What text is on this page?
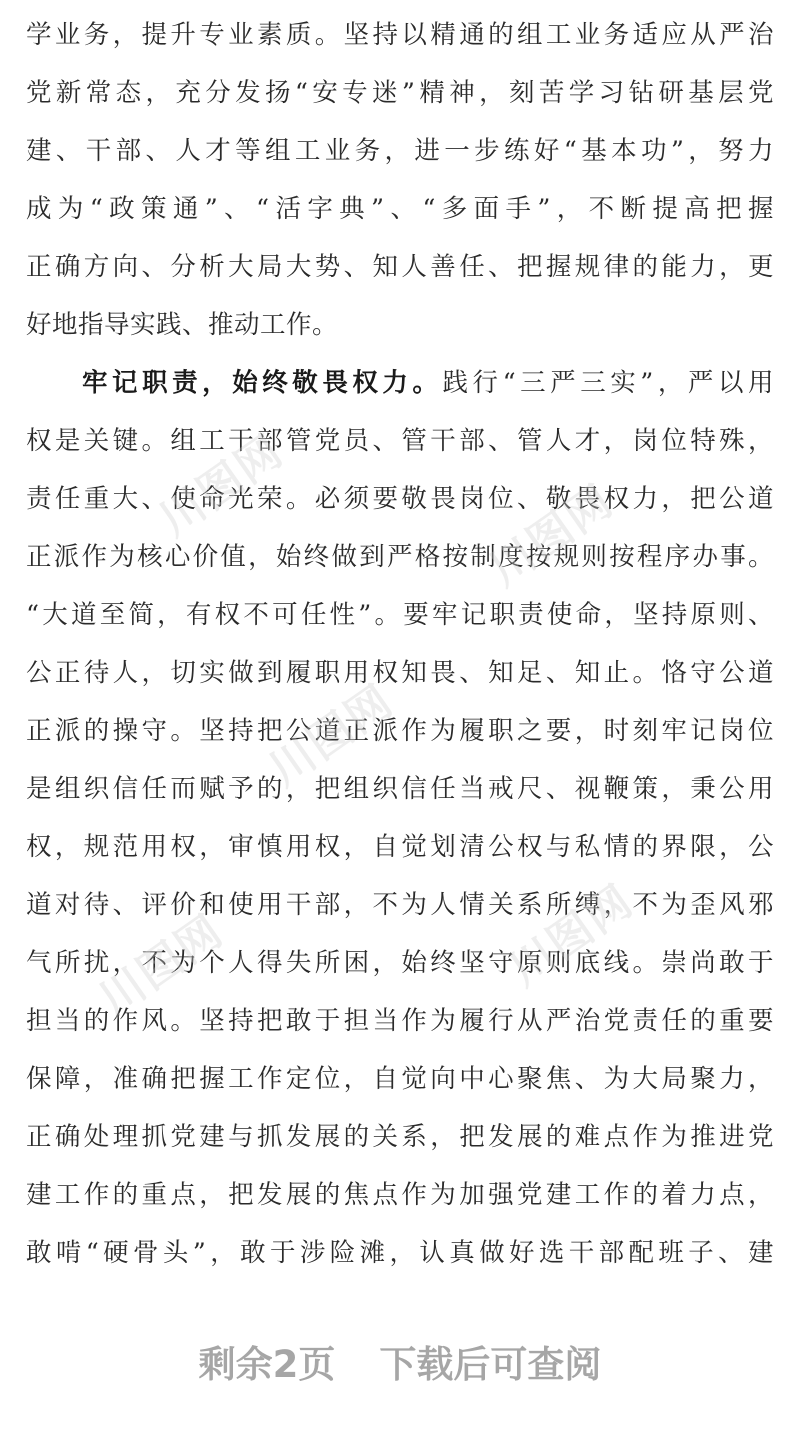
学业务，提升专业素质。坚持以精通的组工业务适应从严治
党新常态，充分发扬“安专迷”精神，刻苦学习钻研基层党
建、干部、人才等组工业务，进一步练好“基本功”，努力
成为“政策通”、“活字典”、“多面手”，不断提高把握
正确方向、分析大局大势、知人善任、把握规律的能力，更
好地指导实践、推动工作。
牢记职责，始终敬畏权力。践行“三严三实”，严以用
权是关键。组工干部管党员、管干部、管人才，岗位特殊，
责任重大、使命光荣。必须要敬畏岗位、敬畏权力，把公道
正派作为核心价值，始终做到严格按制度按规则按程序办事。
“大道至简，有权不可任性”。要牢记职责使命，坚持原则、
公正待人，切实做到履职用权知畏、知足、知止。恪守公道
正派的操守。坚持把公道正派作为履职之要，时刻牢记岗位
是组织信任而赋予的，把组织信任当戒尺、视鞭策，秉公用
权，规范用权，审慎用权，自觉划清公权与私情的界限，公
道对待、评价和使用干部，不为人情关系所缚，不为歪风邪
气所扰，不为个人得失所困，始终坚守原则底线。崇尚敢于
担当的作风。坚持把敢于担当作为履行从严治党责任的重要
保障，准确把握工作定位，自觉向中心聚焦、为大局聚力，
正确处理抓党建与抓发展的关系，把发展的难点作为推进党
建工作的重点，把发展的焦点作为加强党建工作的着力点，
敢啃“硬骨头”，敢于涉险滩，认真做好选干部配班子、建
川图网	川图网
川图网
川图网	川图网
剩余2页 下载后可查阅
